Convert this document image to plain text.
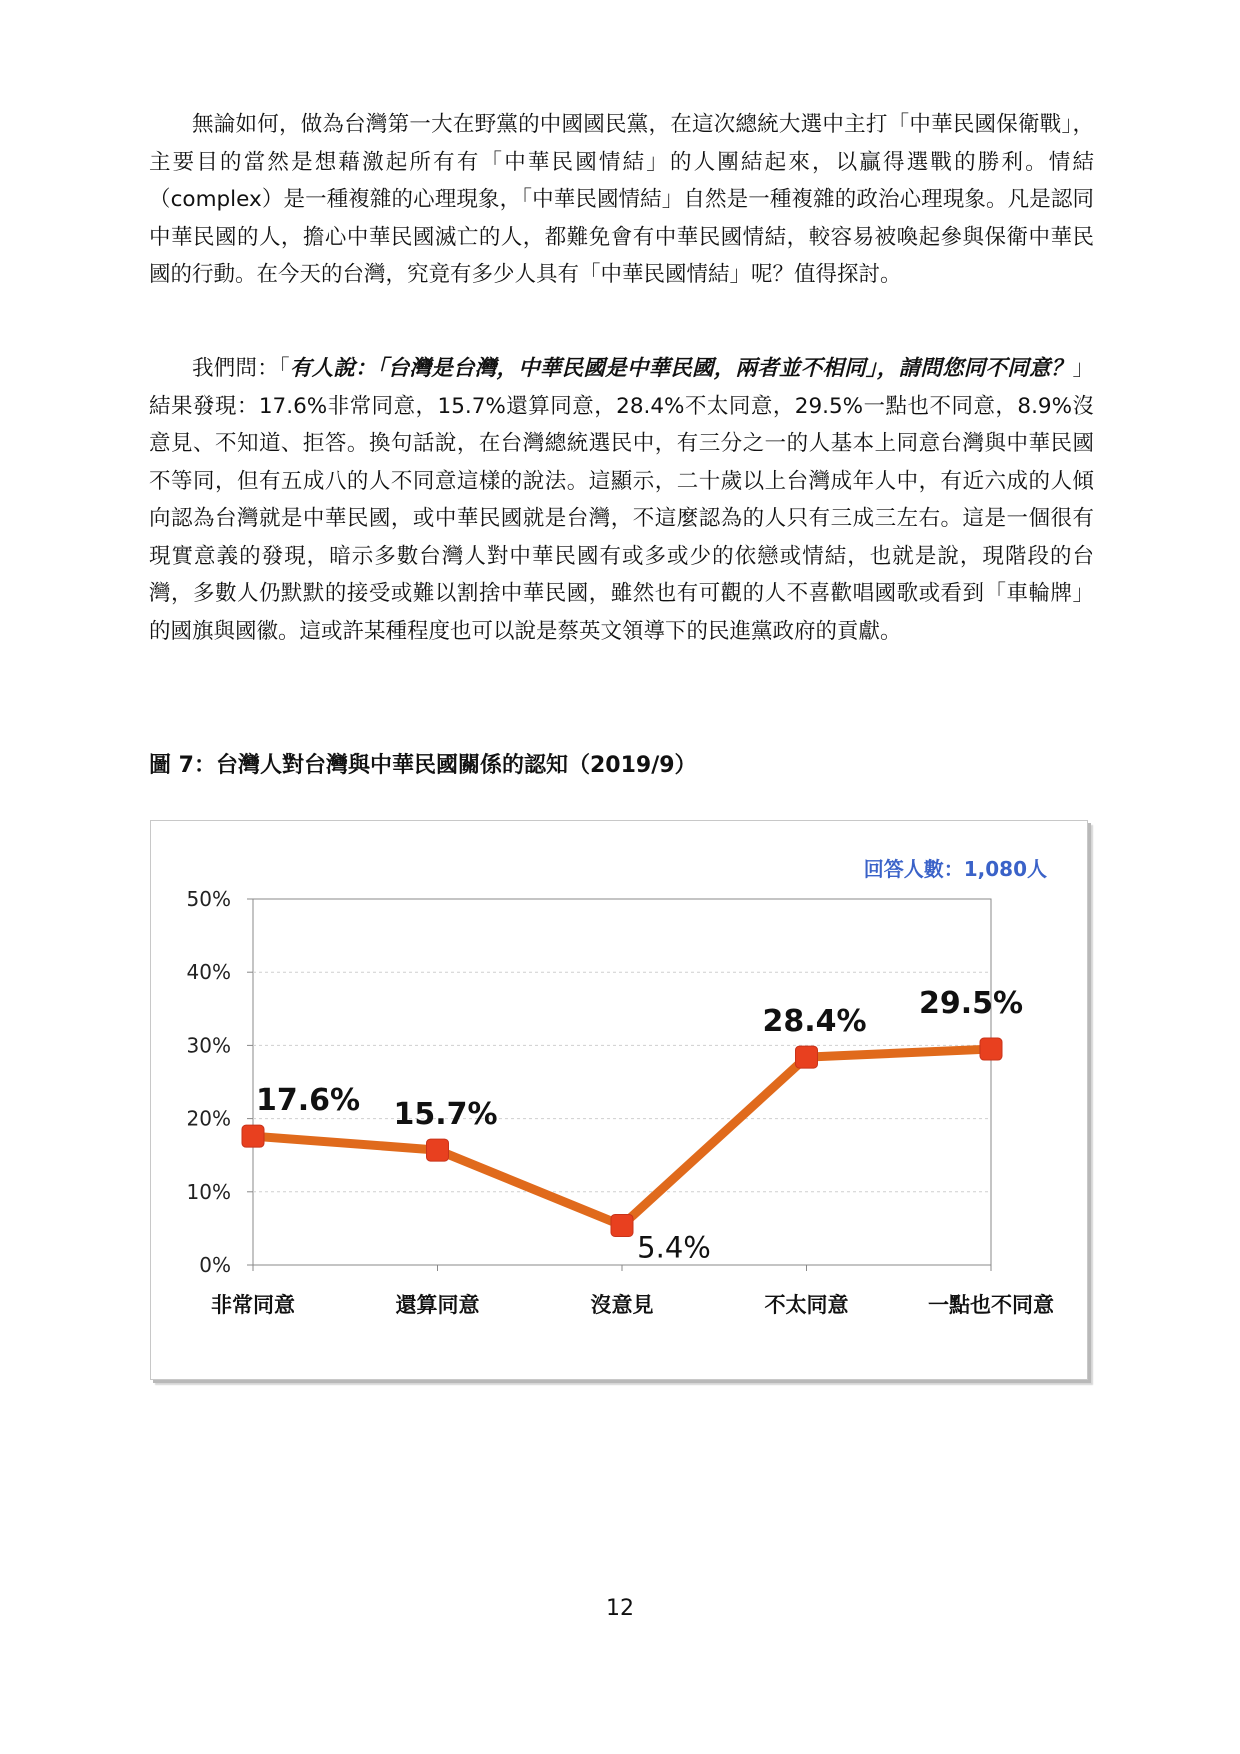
無論如何，做為台灣第一大在野黨的中國國民黨，在這次總統大選中主打「中華民國保衛戰」，主要目的當然是想藉激起所有有「中華民國情結」的人團結起來，以贏得選戰的勝利。情結（complex）是一種複雜的心理現象，「中華民國情結」自然是一種複雜的政治心理現象。凡是認同中華民國的人，擔心中華民國滅亡的人，都難免會有中華民國情結，較容易被喚起參與保衛中華民國的行動。在今天的台灣，究竟有多少人具有「中華民國情結」呢？值得探討。

我們問：「有人說：「台灣是台灣，中華民國是中華民國，兩者並不相同」，請問您同不同意？」結果發現：17.6%非常同意，15.7%還算同意，28.4%不太同意，29.5%一點也不同意，8.9%沒意見、不知道、拒答。換句話說，在台灣總統選民中，有三分之一的人基本上同意台灣與中華民國不等同，但有五成八的人不同意這樣的說法。這顯示，二十歲以上台灣成年人中，有近六成的人傾向認為台灣就是中華民國，或中華民國就是台灣，不這麼認為的人只有三成三左右。這是一個很有現實意義的發現，暗示多數台灣人對中華民國有或多或少的依戀或情結，也就是說，現階段的台灣，多數人仍默默的接受或難以割捨中華民國，雖然也有可觀的人不喜歡唱國歌或看到「車輪牌」的國旗與國徽。這或許某種程度也可以說是蔡英文領導下的民進黨政府的貢獻。

圖 7：台灣人對台灣與中華民國關係的認知（2019/9）
回答人數：1,080人
0%
10%
20%
30%
40%
50%
非常同意	還算同意	沒意見	不太同意	一點也不同意
17.6% 15.7%
5.4%
28.4%
29.5%
12
